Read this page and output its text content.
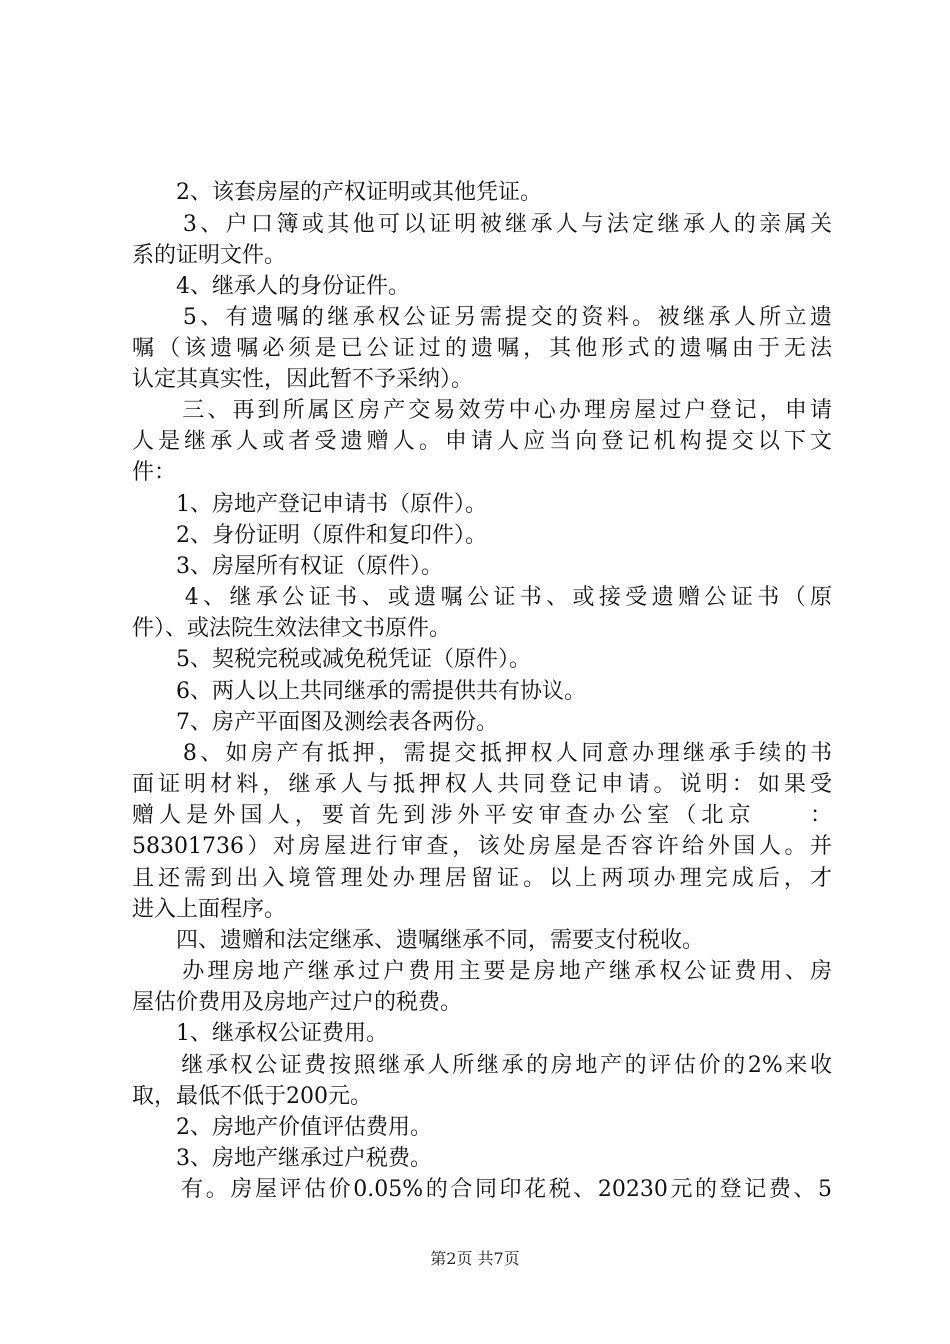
　　2、该套房屋的产权证明或其他凭证。
　　3、户口簿或其他可以证明被继承人与法定继承人的亲属关
系的证明文件。
　　4、继承人的身份证件。
　　5、有遗嘱的继承权公证另需提交的资料。被继承人所立遗
嘱（该遗嘱必须是已公证过的遗嘱，其他形式的遗嘱由于无法
认定其真实性，因此暂不予采纳）。
　　三、再到所属区房产交易效劳中心办理房屋过户登记，申请
人是继承人或者受遗赠人。申请人应当向登记机构提交以下文
件：
　　1、房地产登记申请书（原件）。
　　2、身份证明（原件和复印件）。
　　3、房屋所有权证（原件）。
　　4、继承公证书、或遗嘱公证书、或接受遗赠公证书（原
件）、或法院生效法律文书原件。
　　5、契税完税或减免税凭证（原件）。
　　6、两人以上共同继承的需提供共有协议。
　　7、房产平面图及测绘表各两份。
　　8、如房产有抵押，需提交抵押权人同意办理继承手续的书
面证明材料，继承人与抵押权人共同登记申请。说明：如果受
赠人是外国人，要首先到涉外平安审查办公室（北京　　：
58301736）对房屋进行审查，该处房屋是否容许给外国人。并
且还需到出入境管理处办理居留证。以上两项办理完成后，才
进入上面程序。
　　四、遗赠和法定继承、遗嘱继承不同，需要支付税收。
　　办理房地产继承过户费用主要是房地产继承权公证费用、房
屋估价费用及房地产过户的税费。
　　1、继承权公证费用。
　　继承权公证费按照继承人所继承的房地产的评估价的2%来收
取，最低不低于200元。
　　2、房地产价值评估费用。
　　3、房地产继承过户税费。
　　有。房屋评估价0.05%的合同印花税、20230元的登记费、5
第2页 共7页
